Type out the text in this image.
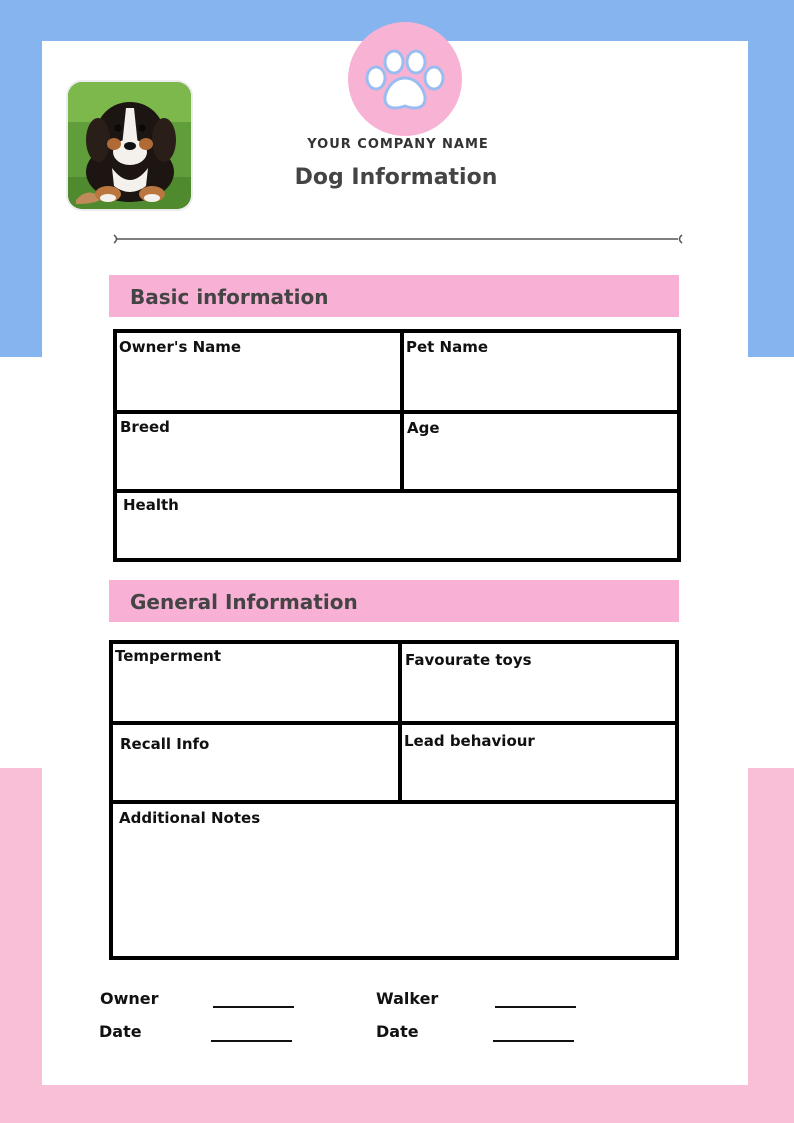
YOUR COMPANY NAME
Dog Information
Basic information
Owner's Name	Pet Name
Breed	Age
Health
General Information
Temperment	Favourate toys
Recall Info	Lead behaviour
Additional Notes
Owner	Walker
Date	Date
